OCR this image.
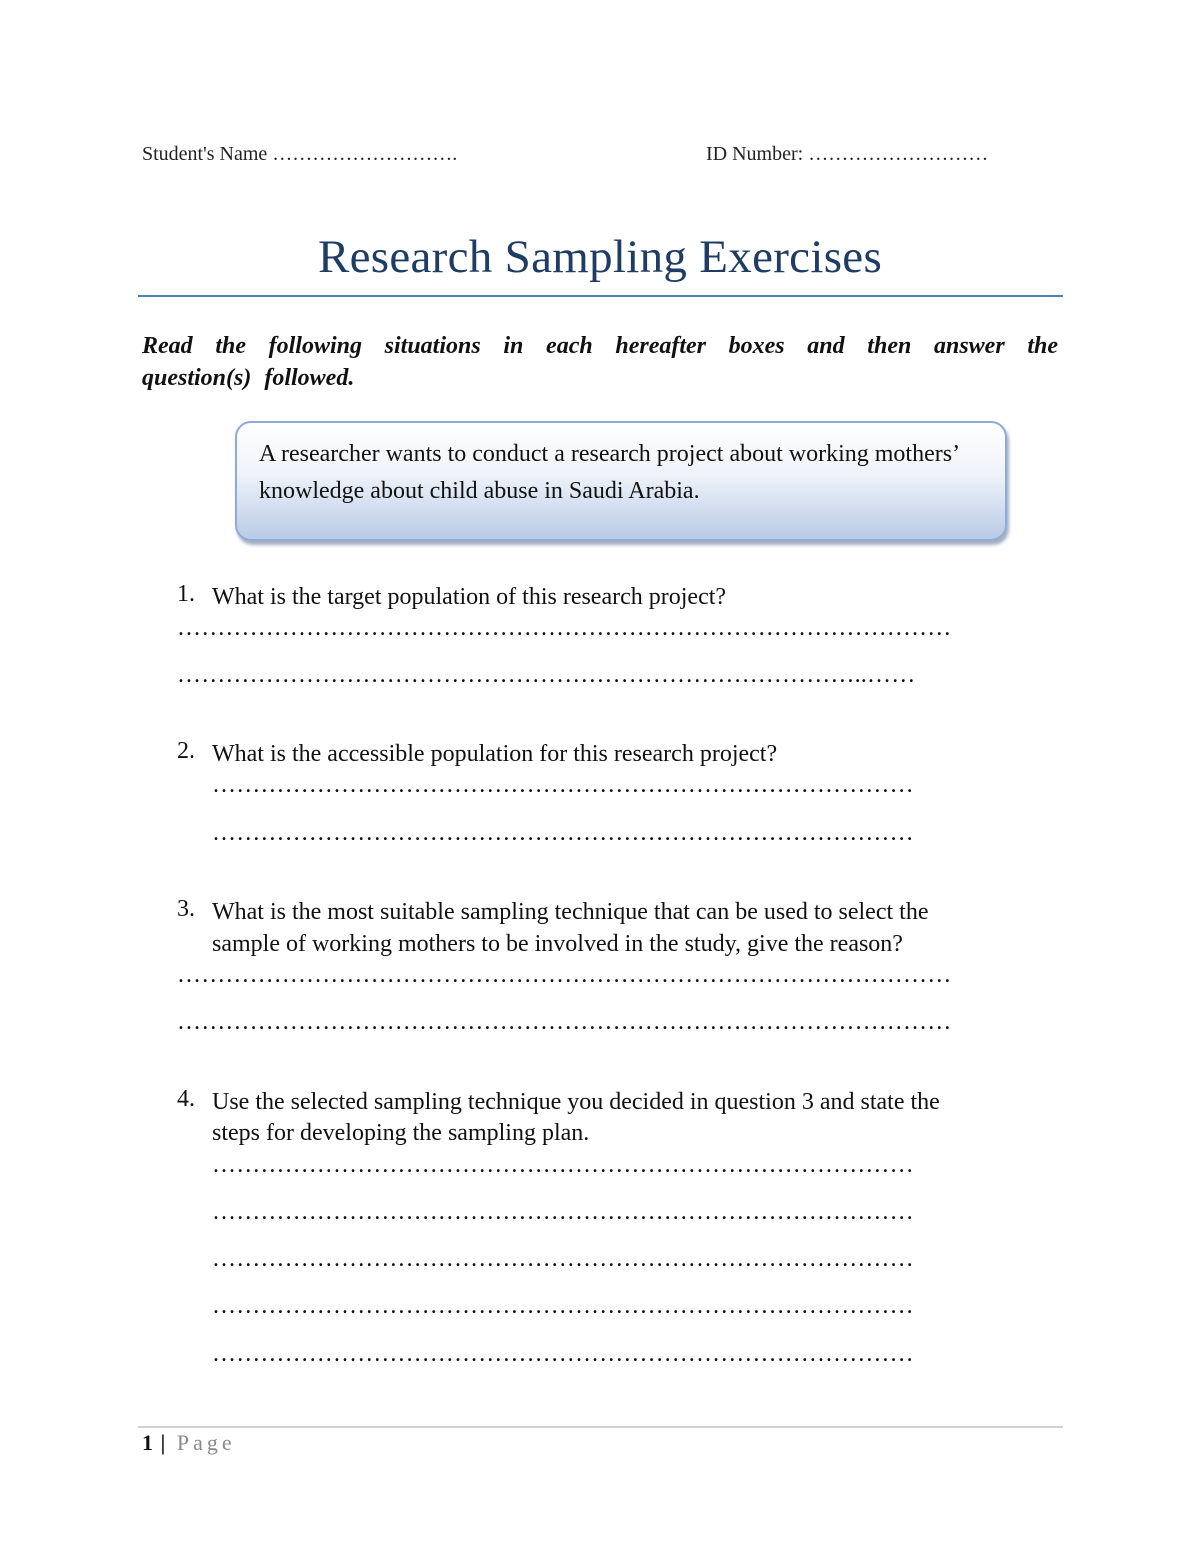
Student's Name ……………………….	ID Number: ………………………
Research Sampling Exercises
Read the following situations in each hereafter boxes and then answer the question(s) followed.
A researcher wants to conduct a research project about working mothers’ knowledge about child abuse in Saudi Arabia.
1. What is the target population of this research project?
……………………………………………………………………………………
…………………………………………………………………………..……
2. What is the accessible population for this research project?
……………………………………………………………………………
……………………………………………………………………………
3. What is the most suitable sampling technique that can be used to select the
sample of working mothers to be involved in the study, give the reason?
……………………………………………………………………………………
……………………………………………………………………………………
4. Use the selected sampling technique you decided in question 3 and state the
steps for developing the sampling plan.
……………………………………………………………………………
……………………………………………………………………………
……………………………………………………………………………
……………………………………………………………………………
……………………………………………………………………………
1 | Page
